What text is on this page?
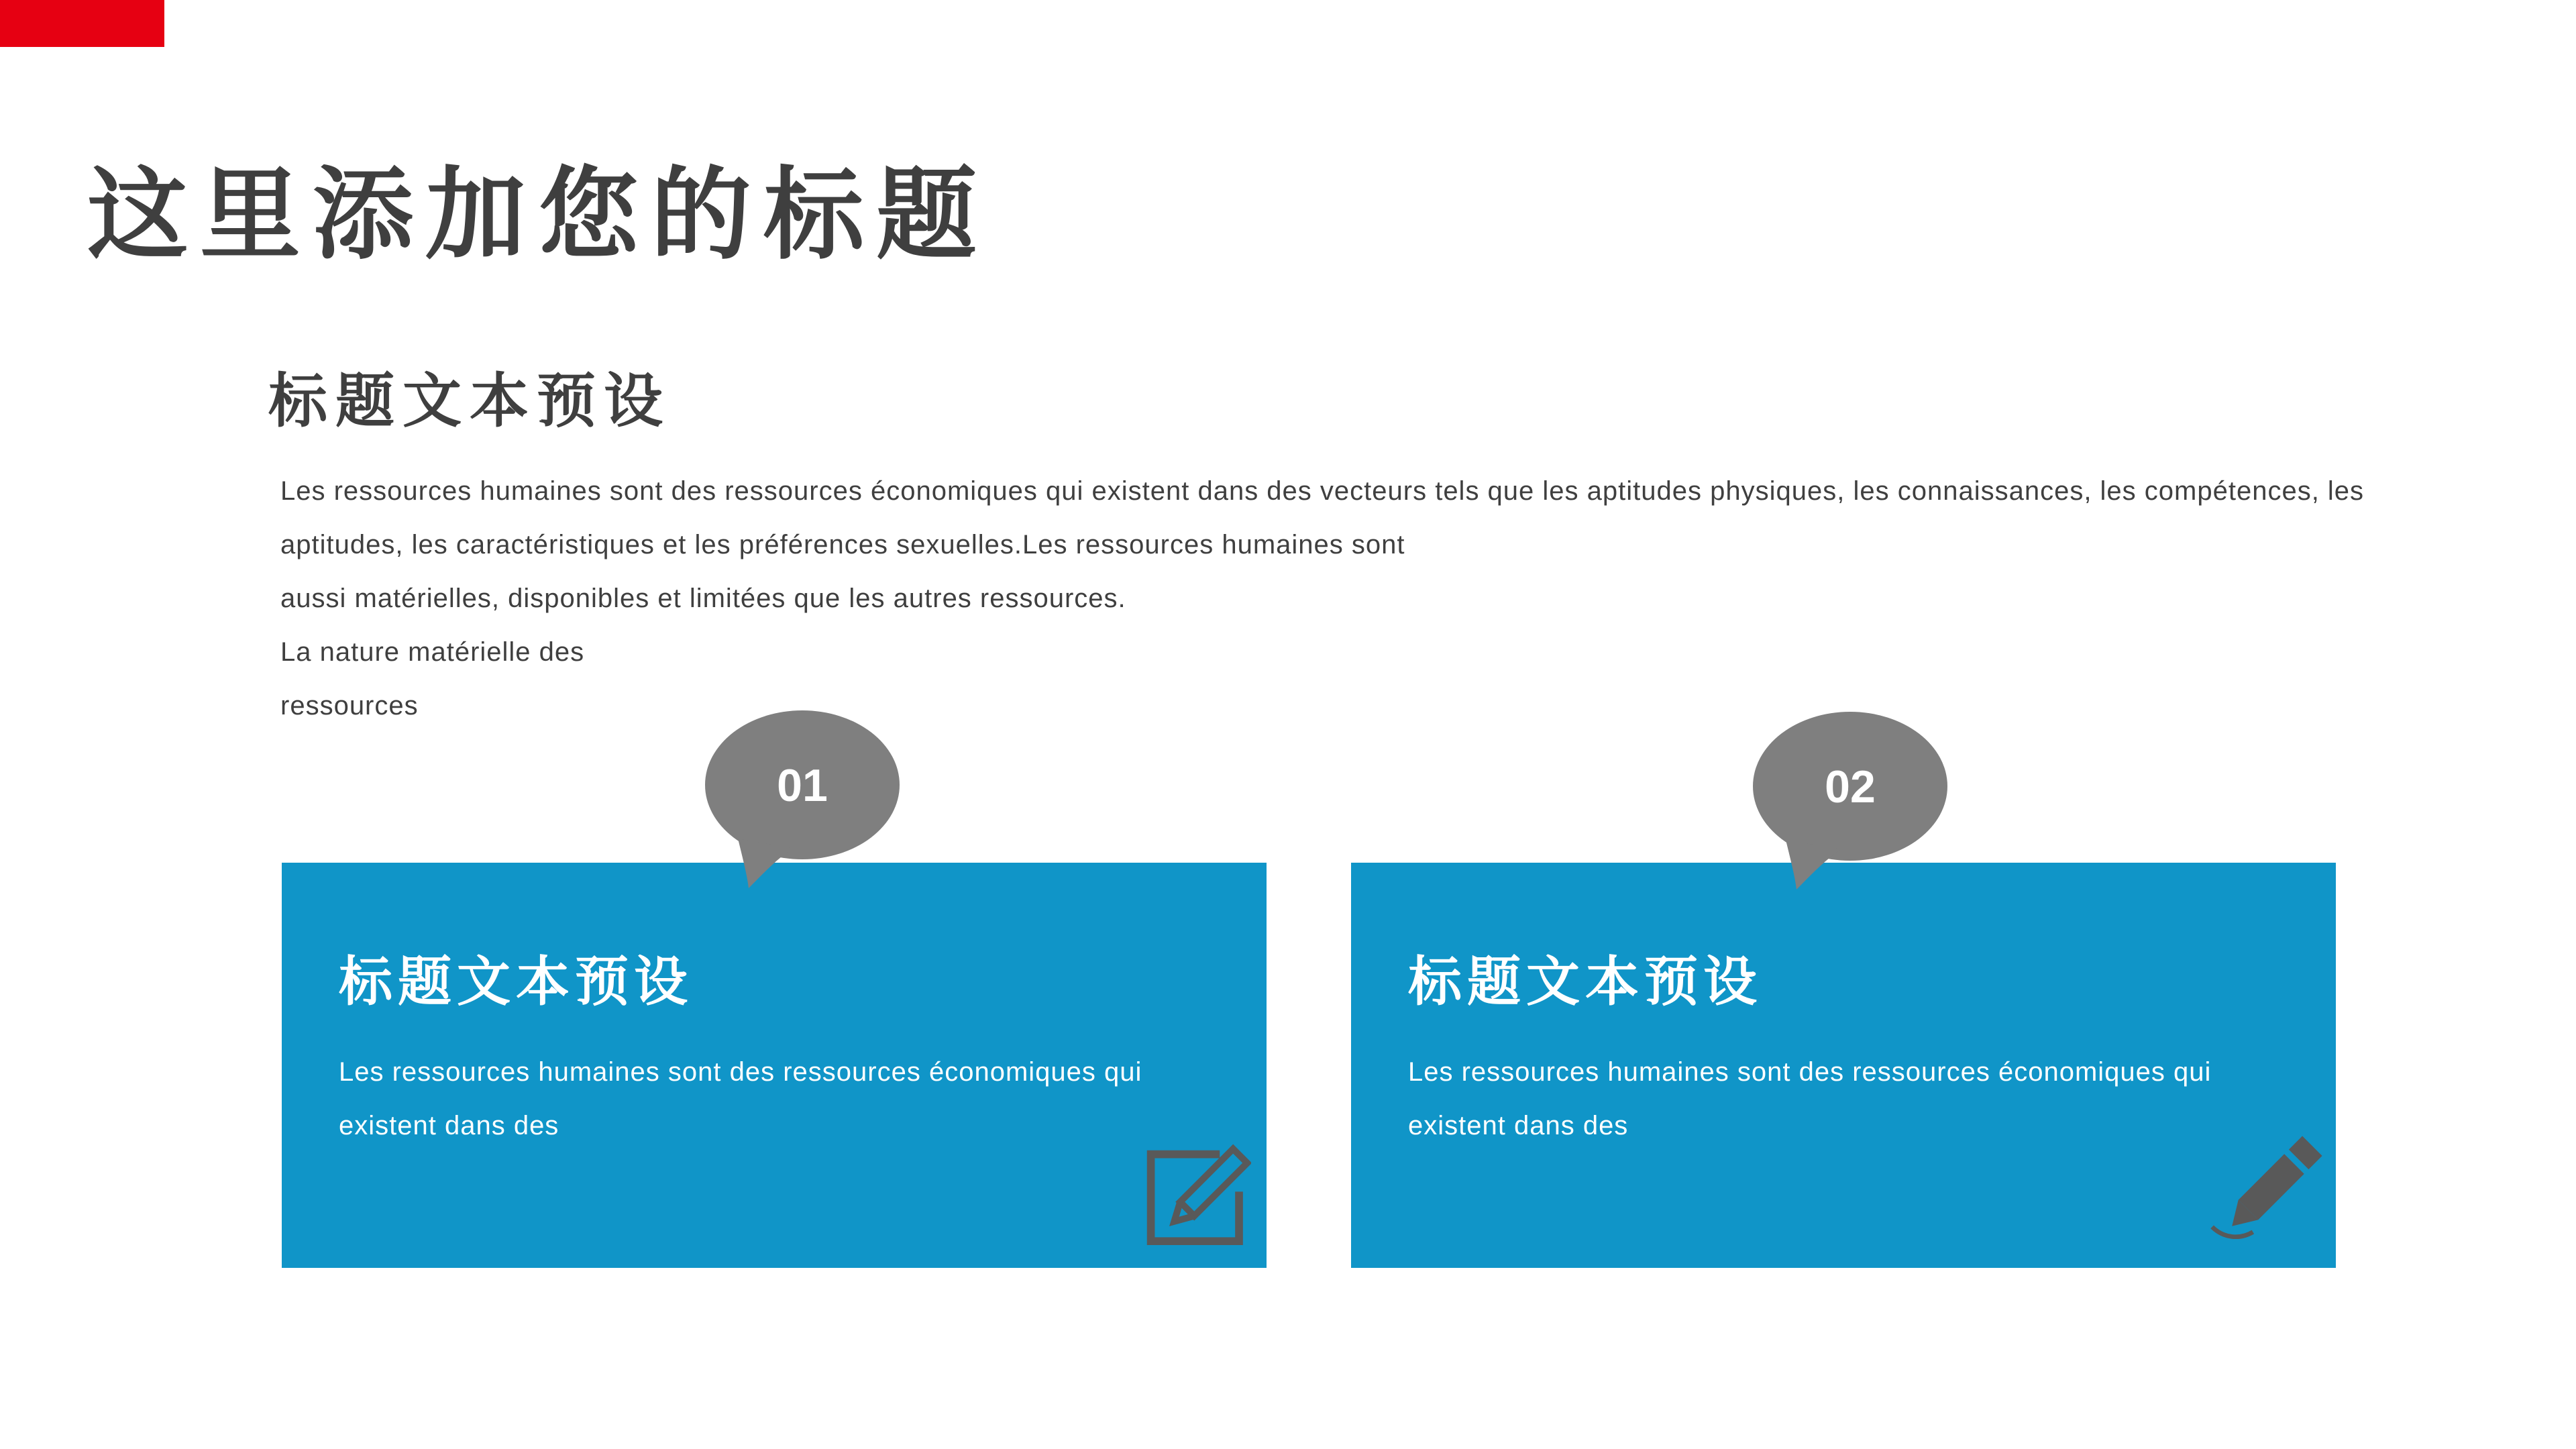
这里添加您的标题
标题文本预设
Les ressources humaines sont des ressources économiques qui existent dans des vecteurs tels que les aptitudes physiques, les connaissances, les compétences, les
aptitudes, les caractéristiques et les préférences sexuelles.Les ressources humaines sont
aussi matérielles, disponibles et limitées que les autres ressources.
La nature matérielle des
ressources
标题文本预设
Les ressources humaines sont des ressources économiques qui
existent dans des
标题文本预设
Les ressources humaines sont des ressources économiques qui
existent dans des
01	02
